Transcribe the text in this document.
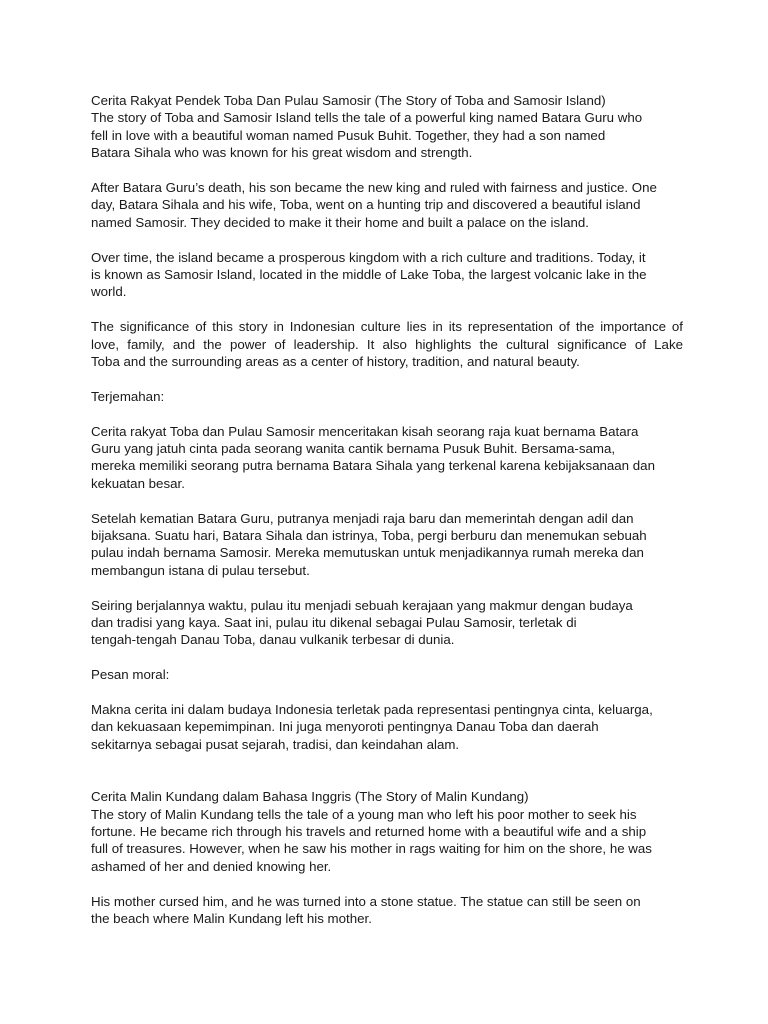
Cerita Rakyat Pendek Toba Dan Pulau Samosir (The Story of Toba and Samosir Island)
The story of Toba and Samosir Island tells the tale of a powerful king named Batara Guru who
fell in love with a beautiful woman named Pusuk Buhit. Together, they had a son named
Batara Sihala who was known for his great wisdom and strength.
After Batara Guru’s death, his son became the new king and ruled with fairness and justice. One
day, Batara Sihala and his wife, Toba, went on a hunting trip and discovered a beautiful island
named Samosir. They decided to make it their home and built a palace on the island.
Over time, the island became a prosperous kingdom with a rich culture and traditions. Today, it
is known as Samosir Island, located in the middle of Lake Toba, the largest volcanic lake in the
world.
The significance of this story in Indonesian culture lies in its representation of the importance of
love, family, and the power of leadership. It also highlights the cultural significance of Lake
Toba and the surrounding areas as a center of history, tradition, and natural beauty.
Terjemahan:
Cerita rakyat Toba dan Pulau Samosir menceritakan kisah seorang raja kuat bernama Batara
Guru yang jatuh cinta pada seorang wanita cantik bernama Pusuk Buhit. Bersama-sama,
mereka memiliki seorang putra bernama Batara Sihala yang terkenal karena kebijaksanaan dan
kekuatan besar.
Setelah kematian Batara Guru, putranya menjadi raja baru dan memerintah dengan adil dan
bijaksana. Suatu hari, Batara Sihala dan istrinya, Toba, pergi berburu dan menemukan sebuah
pulau indah bernama Samosir. Mereka memutuskan untuk menjadikannya rumah mereka dan
membangun istana di pulau tersebut.
Seiring berjalannya waktu, pulau itu menjadi sebuah kerajaan yang makmur dengan budaya
dan tradisi yang kaya. Saat ini, pulau itu dikenal sebagai Pulau Samosir, terletak di
tengah-tengah Danau Toba, danau vulkanik terbesar di dunia.
Pesan moral:
Makna cerita ini dalam budaya Indonesia terletak pada representasi pentingnya cinta, keluarga,
dan kekuasaan kepemimpinan. Ini juga menyoroti pentingnya Danau Toba dan daerah
sekitarnya sebagai pusat sejarah, tradisi, dan keindahan alam.
Cerita Malin Kundang dalam Bahasa Inggris (The Story of Malin Kundang)
The story of Malin Kundang tells the tale of a young man who left his poor mother to seek his
fortune. He became rich through his travels and returned home with a beautiful wife and a ship
full of treasures. However, when he saw his mother in rags waiting for him on the shore, he was
ashamed of her and denied knowing her.
His mother cursed him, and he was turned into a stone statue. The statue can still be seen on
the beach where Malin Kundang left his mother.
